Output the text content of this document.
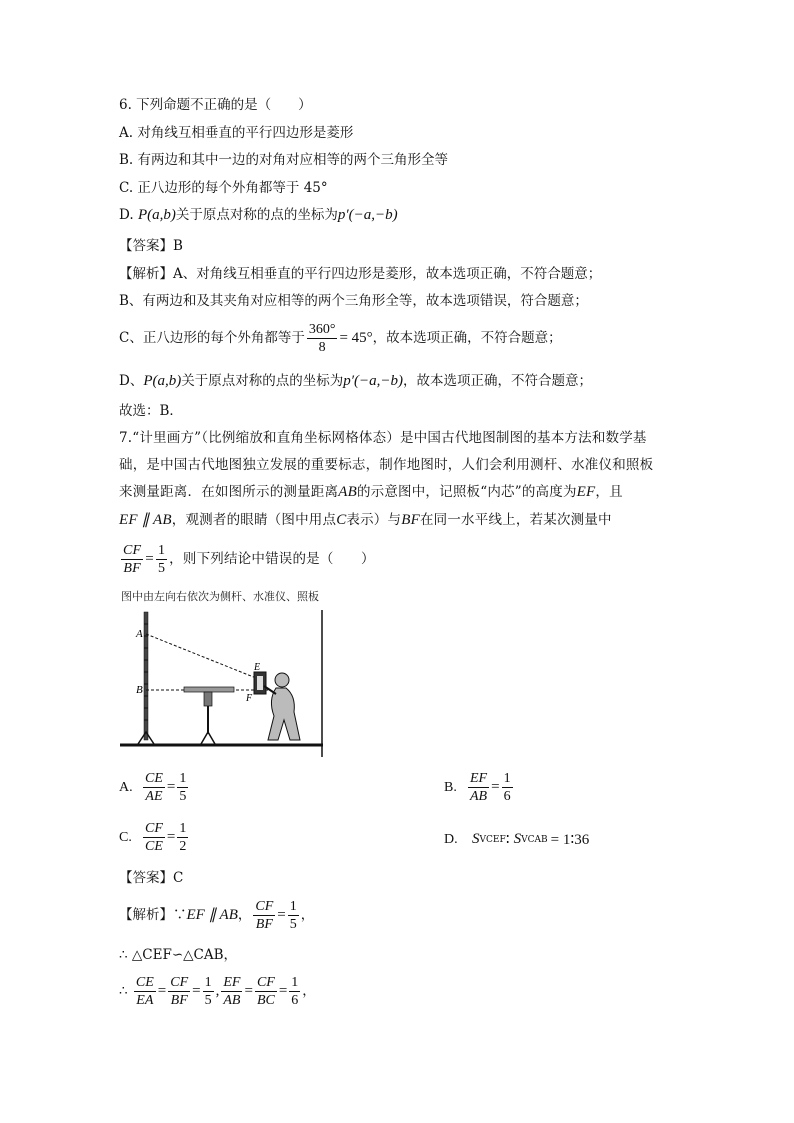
6. 下列命题不正确的是（　　）
A. 对角线互相垂直的平行四边形是菱形
B. 有两边和其中一边的对角对应相等的两个三角形全等
C. 正八边形的每个外角都等于 45°
D. P(a,b)关于原点对称的点的坐标为p′(−a,−b)
【答案】B
【解析】A、对角线互相垂直的平行四边形是菱形，故本选项正确，不符合题意；
B、有两边和及其夹角对应相等的两个三角形全等，故本选项错误，符合题意；
C、正八边形的每个外角都等于 $\frac{360^\circ}{8} = 45^\circ$，故本选项正确，不符合题意；
D、P(a,b)关于原点对称的点的坐标为p′(−a,−b)，故本选项正确，不符合题意；
故选：B．
7.“计里画方”（比例缩放和直角坐标网格体态）是中国古代地图制图的基本方法和数学基
础，是中国古代地图独立发展的重要标志，制作地图时，人们会利用测杆、水准仪和照板
来测量距离．在如图所示的测量距离AB的示意图中，记照板“内芯”的高度为EF，且
EF ∥ AB，观测者的眼睛（图中用点C表示）与BF在同一水平线上，若某次测量中
$\frac{CF}{BF} = \frac{1}{5}$ ，则下列结论中错误的是（　　）
图中由左向右依次为侧杆、水准仪、照板
A
B
E
F
A. $\frac{CE}{AE} = \frac{1}{5}$	B. $\frac{EF}{AB} = \frac{1}{6}$
C. $\frac{CF}{CE} = \frac{1}{2}$	D. S VCEF ∶ S VCAB = 1∶36
【答案】C
【解析】∵EF ∥ AB， $\frac{CF}{BF} = \frac{1}{5}$ ，
∴ △CEF∽△CAB，
∴ $\frac{CE}{EA} = \frac{CF}{BF} = \frac{1}{5}$ , $\frac{EF}{AB} = \frac{CF}{BC} = \frac{1}{6}$ ，
